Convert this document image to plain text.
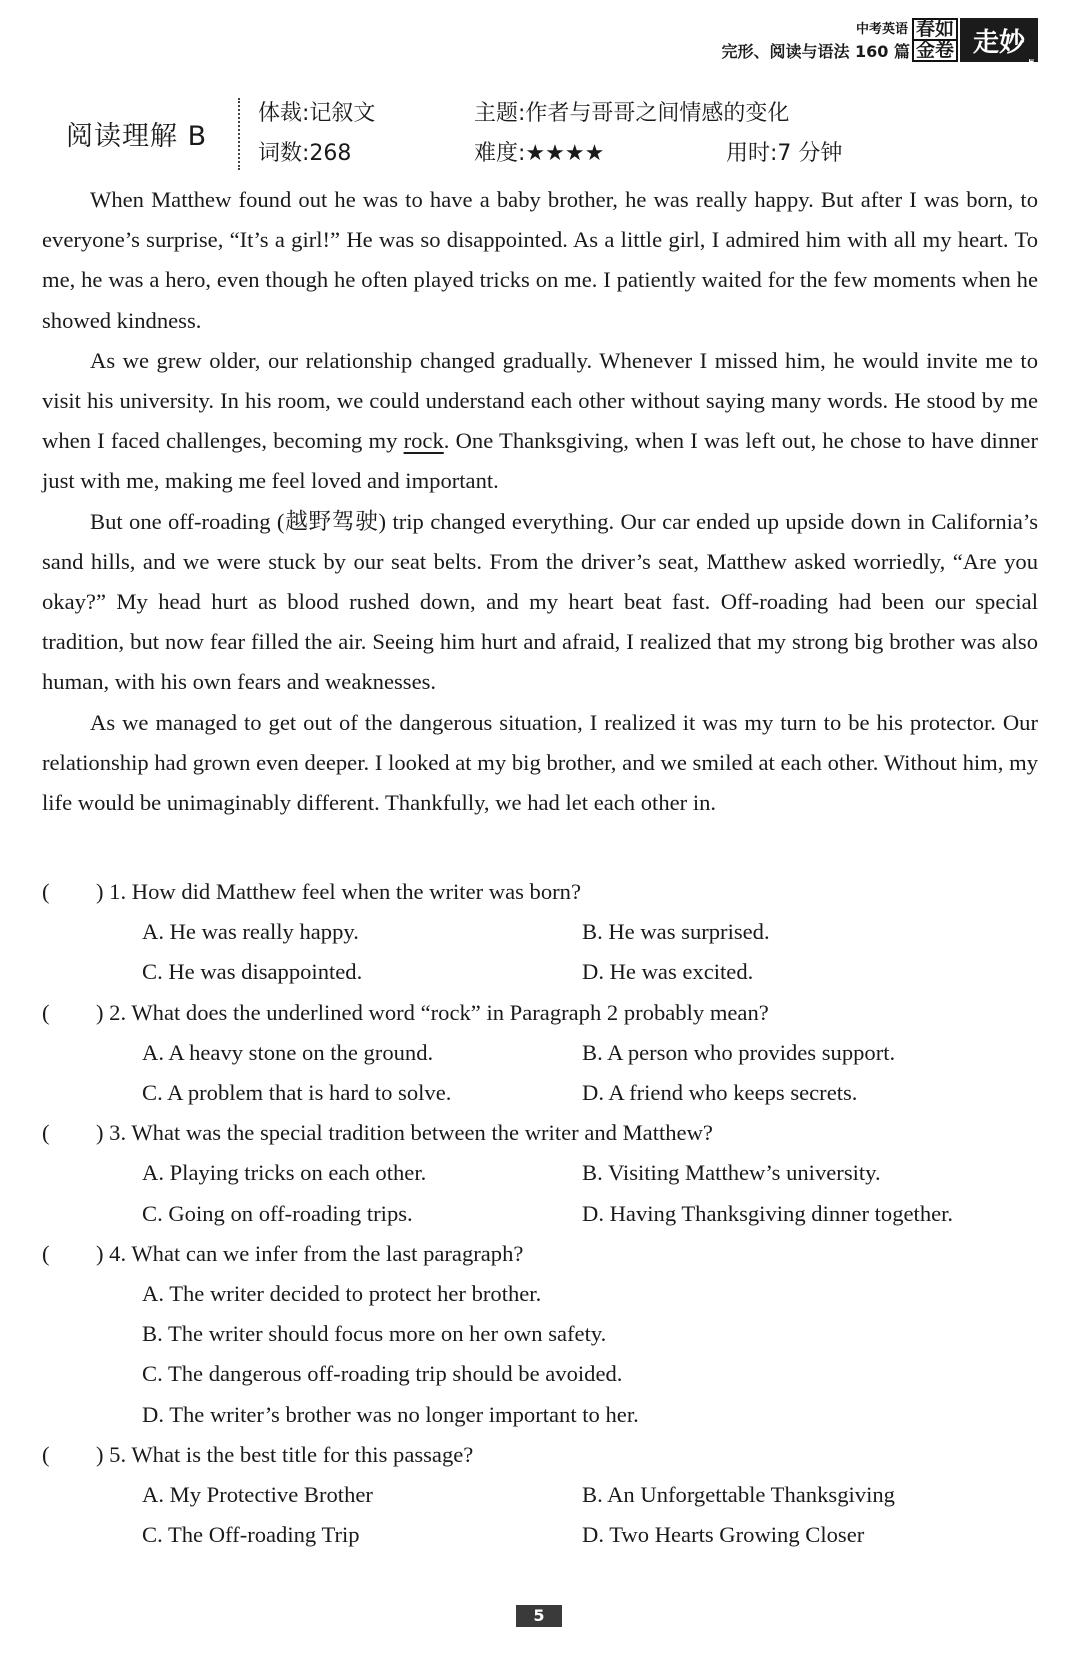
中考英语 春如
完形、阅读与语法 160 篇 金卷 走妙
CULTURE
阅读理解 B
体裁:记叙文	主题:作者与哥哥之间情感的变化
词数:268	难度:★★★★	用时:7 分钟

When Matthew found out he was to have a baby brother, he was really happy. But after I was born, to everyone’s surprise, “It’s a girl!” He was so disappointed. As a little girl, I admired him with all my heart. To me, he was a hero, even though he often played tricks on me. I patiently waited for the few moments when he showed kindness.

As we grew older, our relationship changed gradually. Whenever I missed him, he would invite me to visit his university. In his room, we could understand each other without saying many words. He stood by me when I faced challenges, becoming my rock. One Thanksgiving, when I was left out, he chose to have dinner just with me, making me feel loved and important.

But one off-roading (越野驾驶) trip changed everything. Our car ended up upside down in California’s sand hills, and we were stuck by our seat belts. From the driver’s seat, Matthew asked worriedly, “Are you okay?” My head hurt as blood rushed down, and my heart beat fast. Off-roading had been our special tradition, but now fear filled the air. Seeing him hurt and afraid, I realized that my strong big brother was also human, with his own fears and weaknesses.

As we managed to get out of the dangerous situation, I realized it was my turn to be his protector. Our relationship had grown even deeper. I looked at my big brother, and we smiled at each other. Without him, my life would be unimaginably different. Thankfully, we had let each other in.

(	) 1. How did Matthew feel when the writer was born?
A. He was really happy.	B. He was surprised.
C. He was disappointed.	D. He was excited.
(	) 2. What does the underlined word “rock” in Paragraph 2 probably mean?
A. A heavy stone on the ground.	B. A person who provides support.
C. A problem that is hard to solve.	D. A friend who keeps secrets.
(	) 3. What was the special tradition between the writer and Matthew?
A. Playing tricks on each other.	B. Visiting Matthew’s university.
C. Going on off-roading trips.	D. Having Thanksgiving dinner together.
(	) 4. What can we infer from the last paragraph?
A. The writer decided to protect her brother.
B. The writer should focus more on her own safety.
C. The dangerous off-roading trip should be avoided.
D. The writer’s brother was no longer important to her.
(	) 5. What is the best title for this passage?
A. My Protective Brother	B. An Unforgettable Thanksgiving
C. The Off-roading Trip	D. Two Hearts Growing Closer
5
